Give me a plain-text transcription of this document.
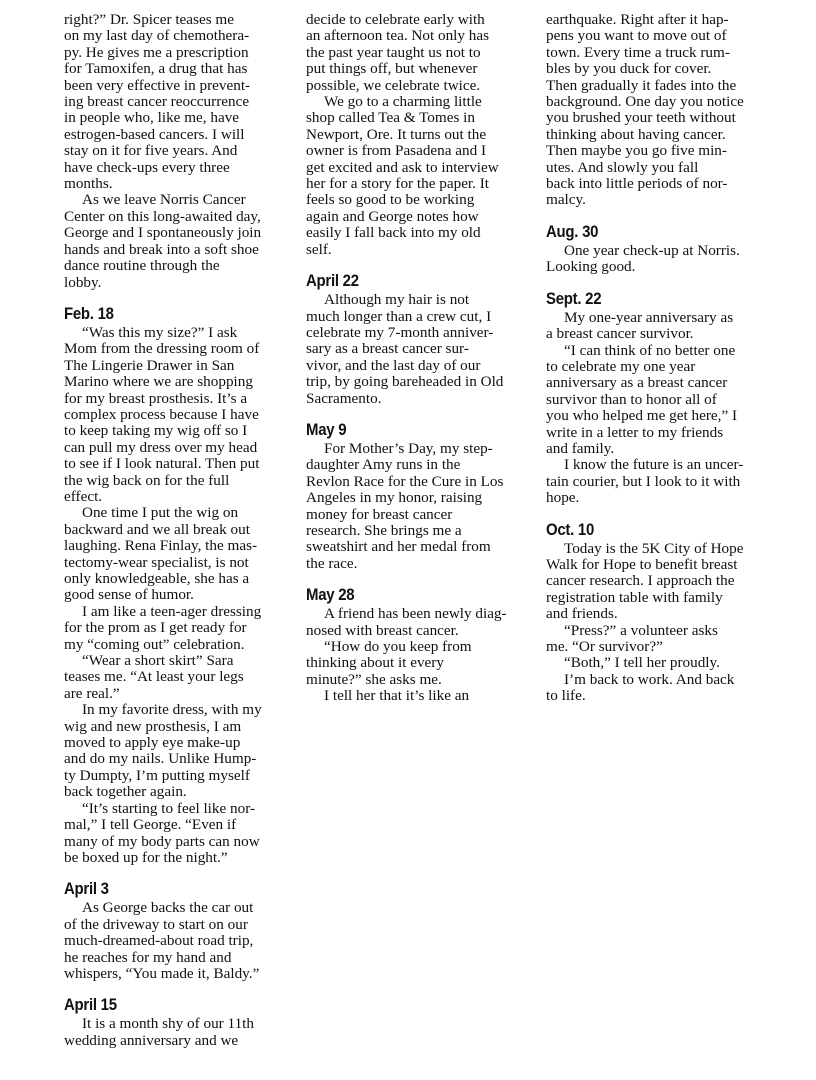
right?” Dr. Spicer teases me
on my last day of chemothera-
py. He gives me a prescription
for Tamoxifen, a drug that has
been very effective in prevent-
ing breast cancer reoccurrence
in people who, like me, have
estrogen-based cancers. I will
stay on it for five years. And
have check-ups every three
months.
As we leave Norris Cancer
Center on this long-awaited day,
George and I spontaneously join
hands and break into a soft shoe
dance routine through the
lobby.
Feb. 18
“Was this my size?” I ask
Mom from the dressing room of
The Lingerie Drawer in San
Marino where we are shopping
for my breast prosthesis. It’s a
complex process because I have
to keep taking my wig off so I
can pull my dress over my head
to see if I look natural. Then put
the wig back on for the full
effect.
One time I put the wig on
backward and we all break out
laughing. Rena Finlay, the mas-
tectomy-wear specialist, is not
only knowledgeable, she has a
good sense of humor.
I am like a teen-ager dressing
for the prom as I get ready for
my “coming out” celebration.
“Wear a short skirt” Sara
teases me. “At least your legs
are real.”
In my favorite dress, with my
wig and new prosthesis, I am
moved to apply eye make-up
and do my nails. Unlike Hump-
ty Dumpty, I’m putting myself
back together again.
“It’s starting to feel like nor-
mal,” I tell George. “Even if
many of my body parts can now
be boxed up for the night.”
April 3
As George backs the car out
of the driveway to start on our
much-dreamed-about road trip,
he reaches for my hand and
whispers, “You made it, Baldy.”
April 15
It is a month shy of our 11th
wedding anniversary and we
decide to celebrate early with
an afternoon tea. Not only has
the past year taught us not to
put things off, but whenever
possible, we celebrate twice.
We go to a charming little
shop called Tea & Tomes in
Newport, Ore. It turns out the
owner is from Pasadena and I
get excited and ask to interview
her for a story for the paper. It
feels so good to be working
again and George notes how
easily I fall back into my old
self.
April 22
Although my hair is not
much longer than a crew cut, I
celebrate my 7-month anniver-
sary as a breast cancer sur-
vivor, and the last day of our
trip, by going bareheaded in Old
Sacramento.
May 9
For Mother’s Day, my step-
daughter Amy runs in the
Revlon Race for the Cure in Los
Angeles in my honor, raising
money for breast cancer
research. She brings me a
sweatshirt and her medal from
the race.
May 28
A friend has been newly diag-
nosed with breast cancer.
“How do you keep from
thinking about it every
minute?” she asks me.
I tell her that it’s like an
earthquake. Right after it hap-
pens you want to move out of
town. Every time a truck rum-
bles by you duck for cover.
Then gradually it fades into the
background. One day you notice
you brushed your teeth without
thinking about having cancer.
Then maybe you go five min-
utes. And slowly you fall
back into little periods of nor-
malcy.
Aug. 30
One year check-up at Norris.
Looking good.
Sept. 22
My one-year anniversary as
a breast cancer survivor.
“I can think of no better one
to celebrate my one year
anniversary as a breast cancer
survivor than to honor all of
you who helped me get here,” I
write in a letter to my friends
and family.
I know the future is an uncer-
tain courier, but I look to it with
hope.
Oct. 10
Today is the 5K City of Hope
Walk for Hope to benefit breast
cancer research. I approach the
registration table with family
and friends.
“Press?” a volunteer asks
me. “Or survivor?”
“Both,” I tell her proudly.
I’m back to work. And back
to life.
